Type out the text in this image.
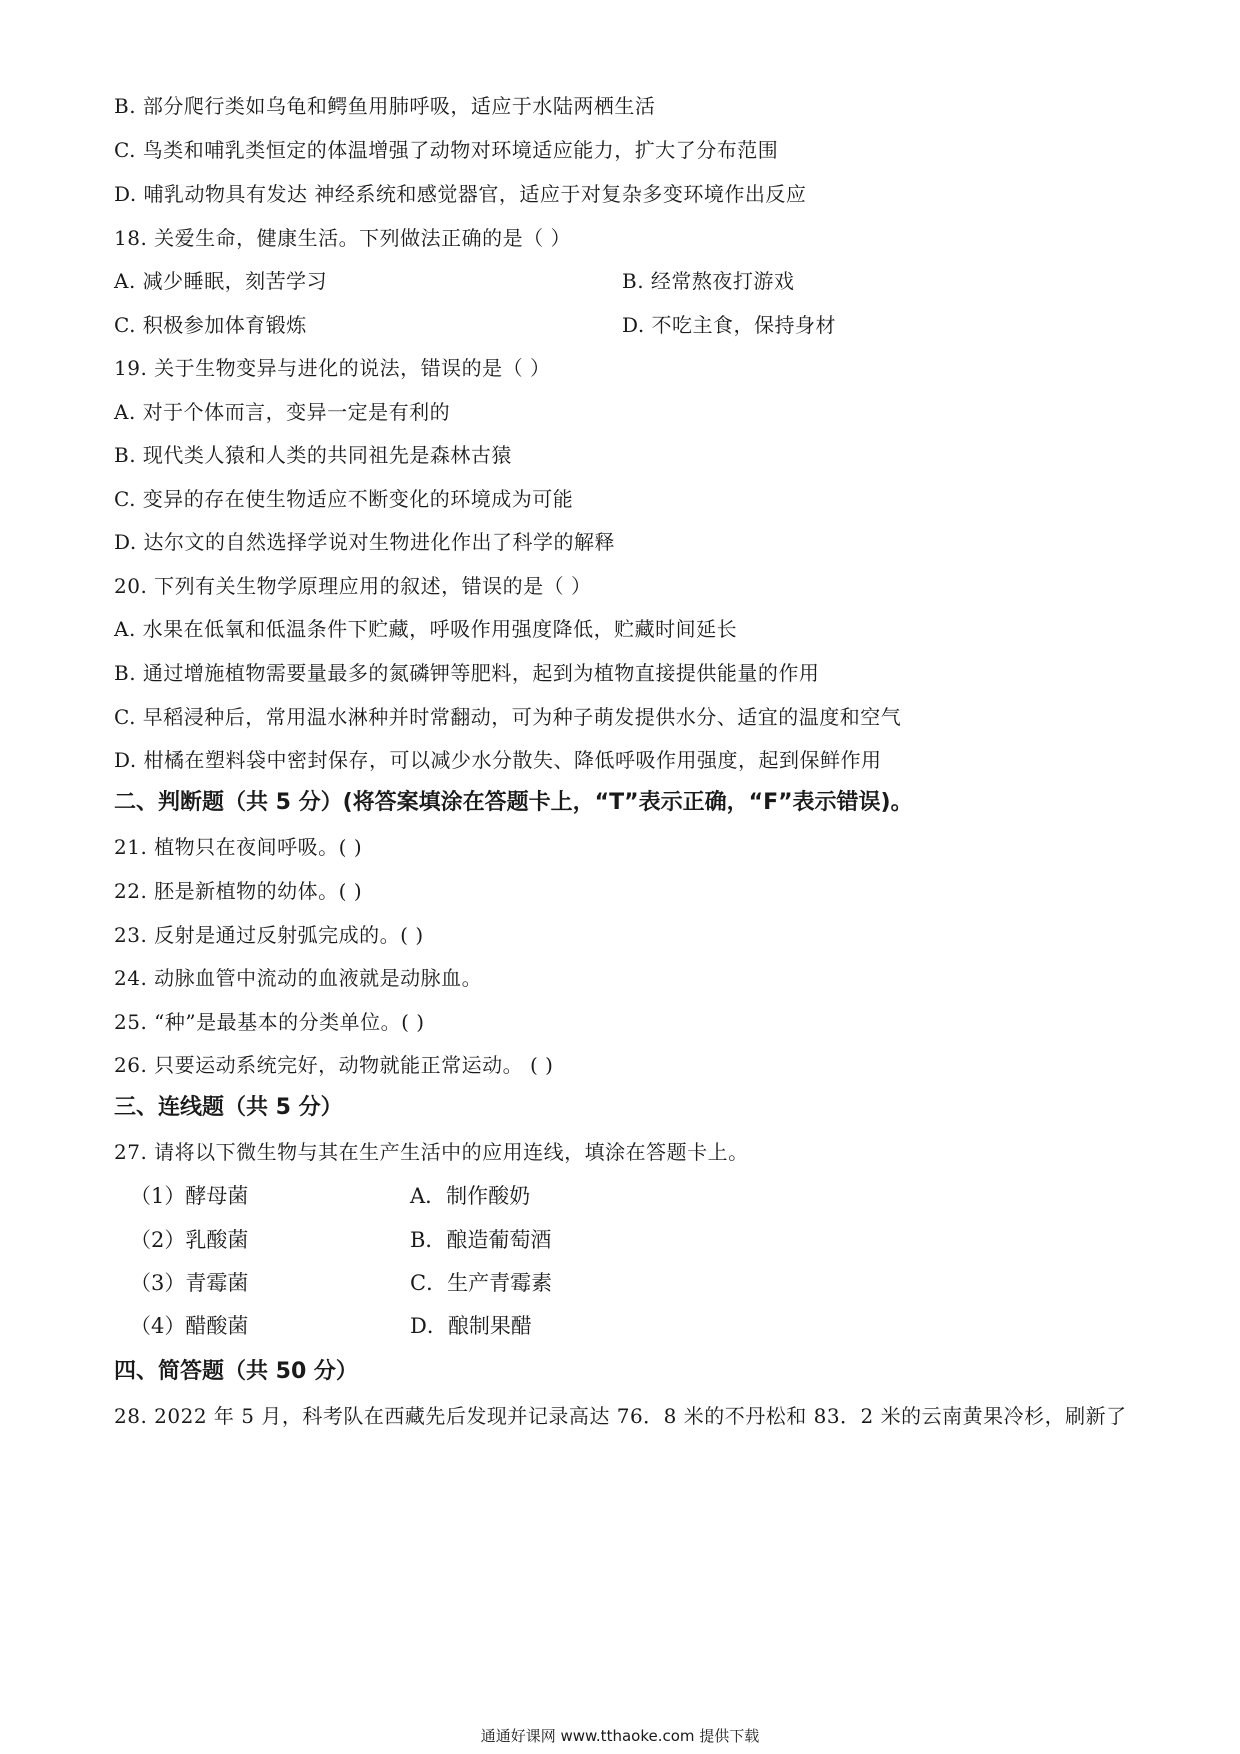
B. 部分爬行类如乌龟和鳄鱼用肺呼吸，适应于水陆两栖生活
C. 鸟类和哺乳类恒定的体温增强了动物对环境适应能力，扩大了分布范围
D. 哺乳动物具有发达 神经系统和感觉器官，适应于对复杂多变环境作出反应
18. 关爱生命，健康生活。下列做法正确的是（ ）
A. 减少睡眠，刻苦学习	B. 经常熬夜打游戏
C. 积极参加体育锻炼	D. 不吃主食，保持身材
19. 关于生物变异与进化的说法，错误的是（ ）
A. 对于个体而言，变异一定是有利的
B. 现代类人猿和人类的共同祖先是森林古猿
C. 变异的存在使生物适应不断变化的环境成为可能
D. 达尔文的自然选择学说对生物进化作出了科学的解释
20. 下列有关生物学原理应用的叙述，错误的是（ ）
A. 水果在低氧和低温条件下贮藏，呼吸作用强度降低，贮藏时间延长
B. 通过增施植物需要量最多的氮磷钾等肥料，起到为植物直接提供能量的作用
C. 早稻浸种后，常用温水淋种并时常翻动，可为种子萌发提供水分、适宜的温度和空气
D. 柑橘在塑料袋中密封保存，可以减少水分散失、降低呼吸作用强度，起到保鲜作用
二、判断题（共 5 分）(将答案填涂在答题卡上，“T”表示正确，“F”表示错误)。
21. 植物只在夜间呼吸。( )
22. 胚是新植物的幼体。( )
23. 反射是通过反射弧完成的。( )
24. 动脉血管中流动的血液就是动脉血。
25. “种”是最基本的分类单位。( )
26. 只要运动系统完好，动物就能正常运动。 ( )
三、连线题（共 5 分）
27. 请将以下微生物与其在生产生活中的应用连线，填涂在答题卡上。
（1）酵母菌	A．制作酸奶
（2）乳酸菌	B．酿造葡萄酒
（3）青霉菌	C．生产青霉素
（4）醋酸菌	D．酿制果醋
四、简答题（共 50 分）
28. 2022 年 5 月，科考队在西藏先后发现并记录高达 76．8 米的不丹松和 83．2 米的云南黄果冷杉，刷新了
通通好课网 www.tthaoke.com 提供下载
